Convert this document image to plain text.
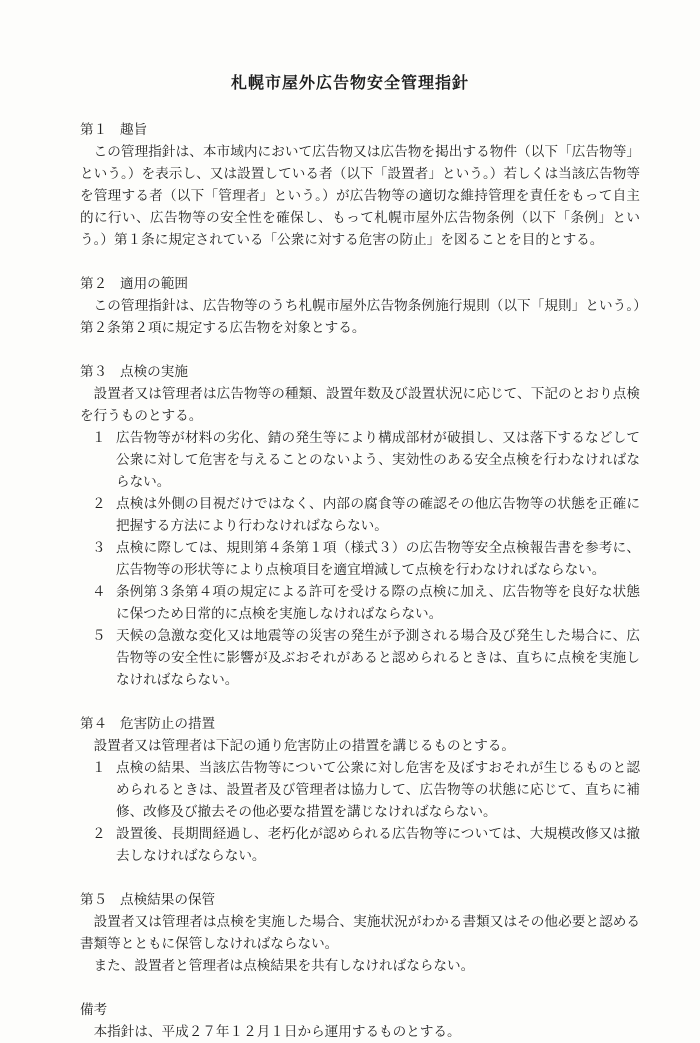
札幌市屋外広告物安全管理指針
第１ 趣旨

この管理指針は、本市域内において広告物又は広告物を掲出する物件（以下「広告物等」という。）を表示し、又は設置している者（以下「設置者」という。）若しくは当該広告物等を管理する者（以下「管理者」という。）が広告物等の適切な維持管理を責任をもって自主的に行い、広告物等の安全性を確保し、もって札幌市屋外広告物条例（以下「条例」という。）第１条に規定されている「公衆に対する危害の防止」を図ることを目的とする。

第２ 適用の範囲

この管理指針は、広告物等のうち札幌市屋外広告物条例施行規則（以下「規則」という。）第２条第２項に規定する広告物を対象とする。

第３ 点検の実施

設置者又は管理者は広告物等の種類、設置年数及び設置状況に応じて、下記のとおり点検を行うものとする。

１ 広告物等が材料の劣化、錆の発生等により構成部材が破損し、又は落下するなどして公衆に対して危害を与えることのないよう、実効性のある安全点検を行わなければならない。
２ 点検は外側の目視だけではなく、内部の腐食等の確認その他広告物等の状態を正確に把握する方法により行わなければならない。
３ 点検に際しては、規則第４条第１項（様式３）の広告物等安全点検報告書を参考に、広告物等の形状等により点検項目を適宜増減して点検を行わなければならない。
４ 条例第３条第４項の規定による許可を受ける際の点検に加え、広告物等を良好な状態に保つため日常的に点検を実施しなければならない。
５ 天候の急激な変化又は地震等の災害の発生が予測される場合及び発生した場合に、広告物等の安全性に影響が及ぶおそれがあると認められるときは、直ちに点検を実施しなければならない。
第４ 危害防止の措置

設置者又は管理者は下記の通り危害防止の措置を講じるものとする。

１ 点検の結果、当該広告物等について公衆に対し危害を及ぼすおそれが生じるものと認められるときは、設置者及び管理者は協力して、広告物等の状態に応じて、直ちに補修、改修及び撤去その他必要な措置を講じなければならない。
２ 設置後、長期間経過し、老朽化が認められる広告物等については、大規模改修又は撤去しなければならない。
第５ 点検結果の保管

設置者又は管理者は点検を実施した場合、実施状況がわかる書類又はその他必要と認める書類等とともに保管しなければならない。

また、設置者と管理者は点検結果を共有しなければならない。

備考

本指針は、平成２７年１２月１日から運用するものとする。
